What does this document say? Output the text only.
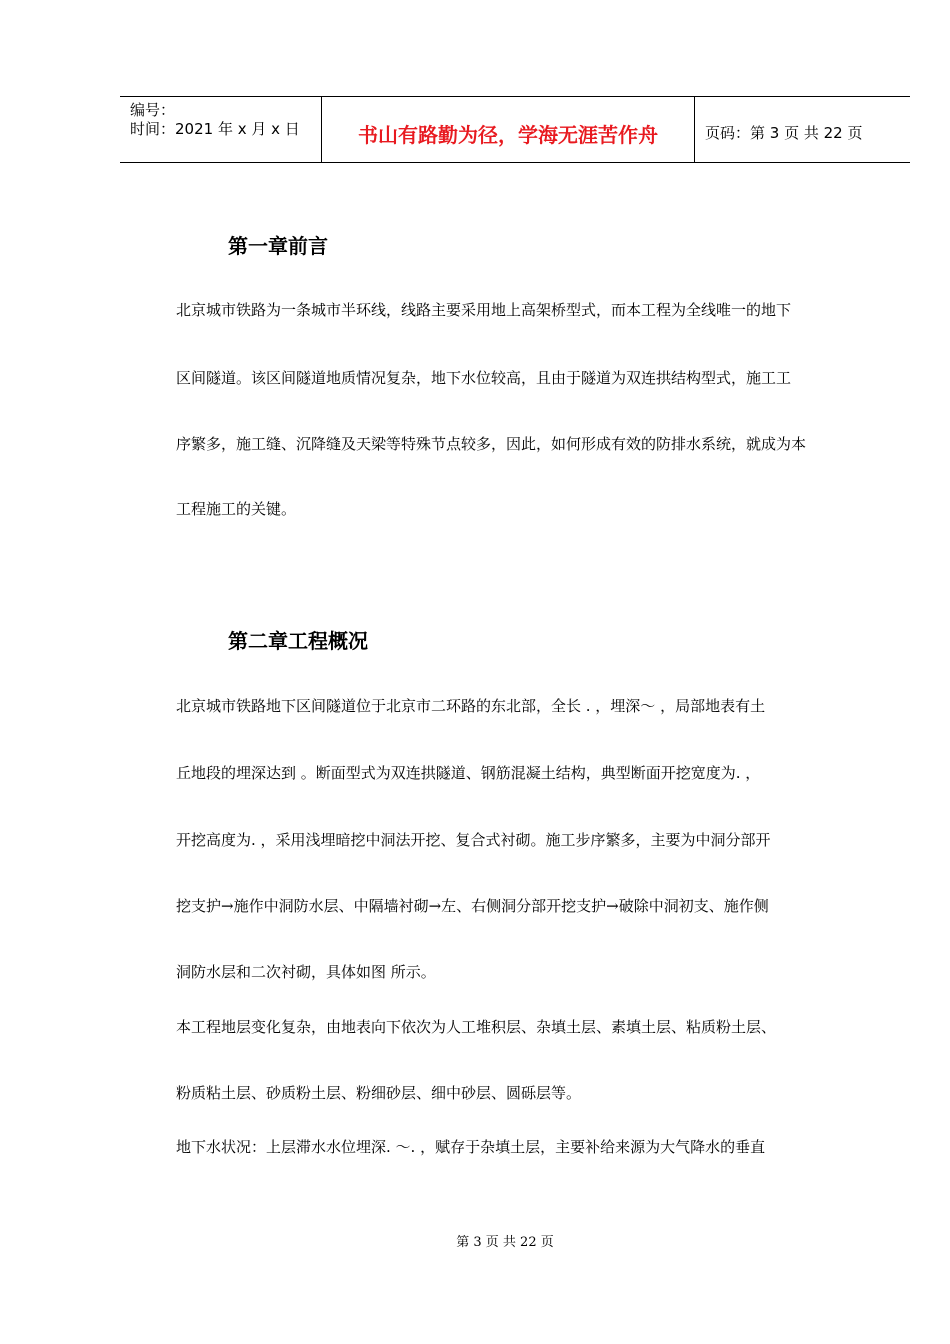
编号：
时间：2021 年 x 月 x 日	书山有路勤为径，学海无涯苦作舟	页码：第 3 页 共 22 页
第一章前言
北京城市铁路为一条城市半环线，线路主要采用地上高架桥型式，而本工程为全线唯一的地下
区间隧道。该区间隧道地质情况复杂，地下水位较高，且由于隧道为双连拱结构型式，施工工
序繁多，施工缝、沉降缝及天梁等特殊节点较多，因此，如何形成有效的防排水系统，就成为本
工程施工的关键。
第二章工程概况
北京城市铁路地下区间隧道位于北京市二环路的东北部，全长 . ，埋深～ ，局部地表有土
丘地段的埋深达到 。断面型式为双连拱隧道、钢筋混凝土结构，典型断面开挖宽度为. ，
开挖高度为. ，采用浅埋暗挖中洞法开挖、复合式衬砌。施工步序繁多，主要为中洞分部开
挖支护→施作中洞防水层、中隔墙衬砌→左、右侧洞分部开挖支护→破除中洞初支、施作侧
洞防水层和二次衬砌，具体如图 所示。
本工程地层变化复杂，由地表向下依次为人工堆积层、杂填土层、素填土层、粘质粉土层、
粉质粘土层、砂质粉土层、粉细砂层、细中砂层、圆砾层等。
地下水状况：上层滞水水位埋深. ～. ，赋存于杂填土层，主要补给来源为大气降水的垂直
第 3 页 共 22 页
